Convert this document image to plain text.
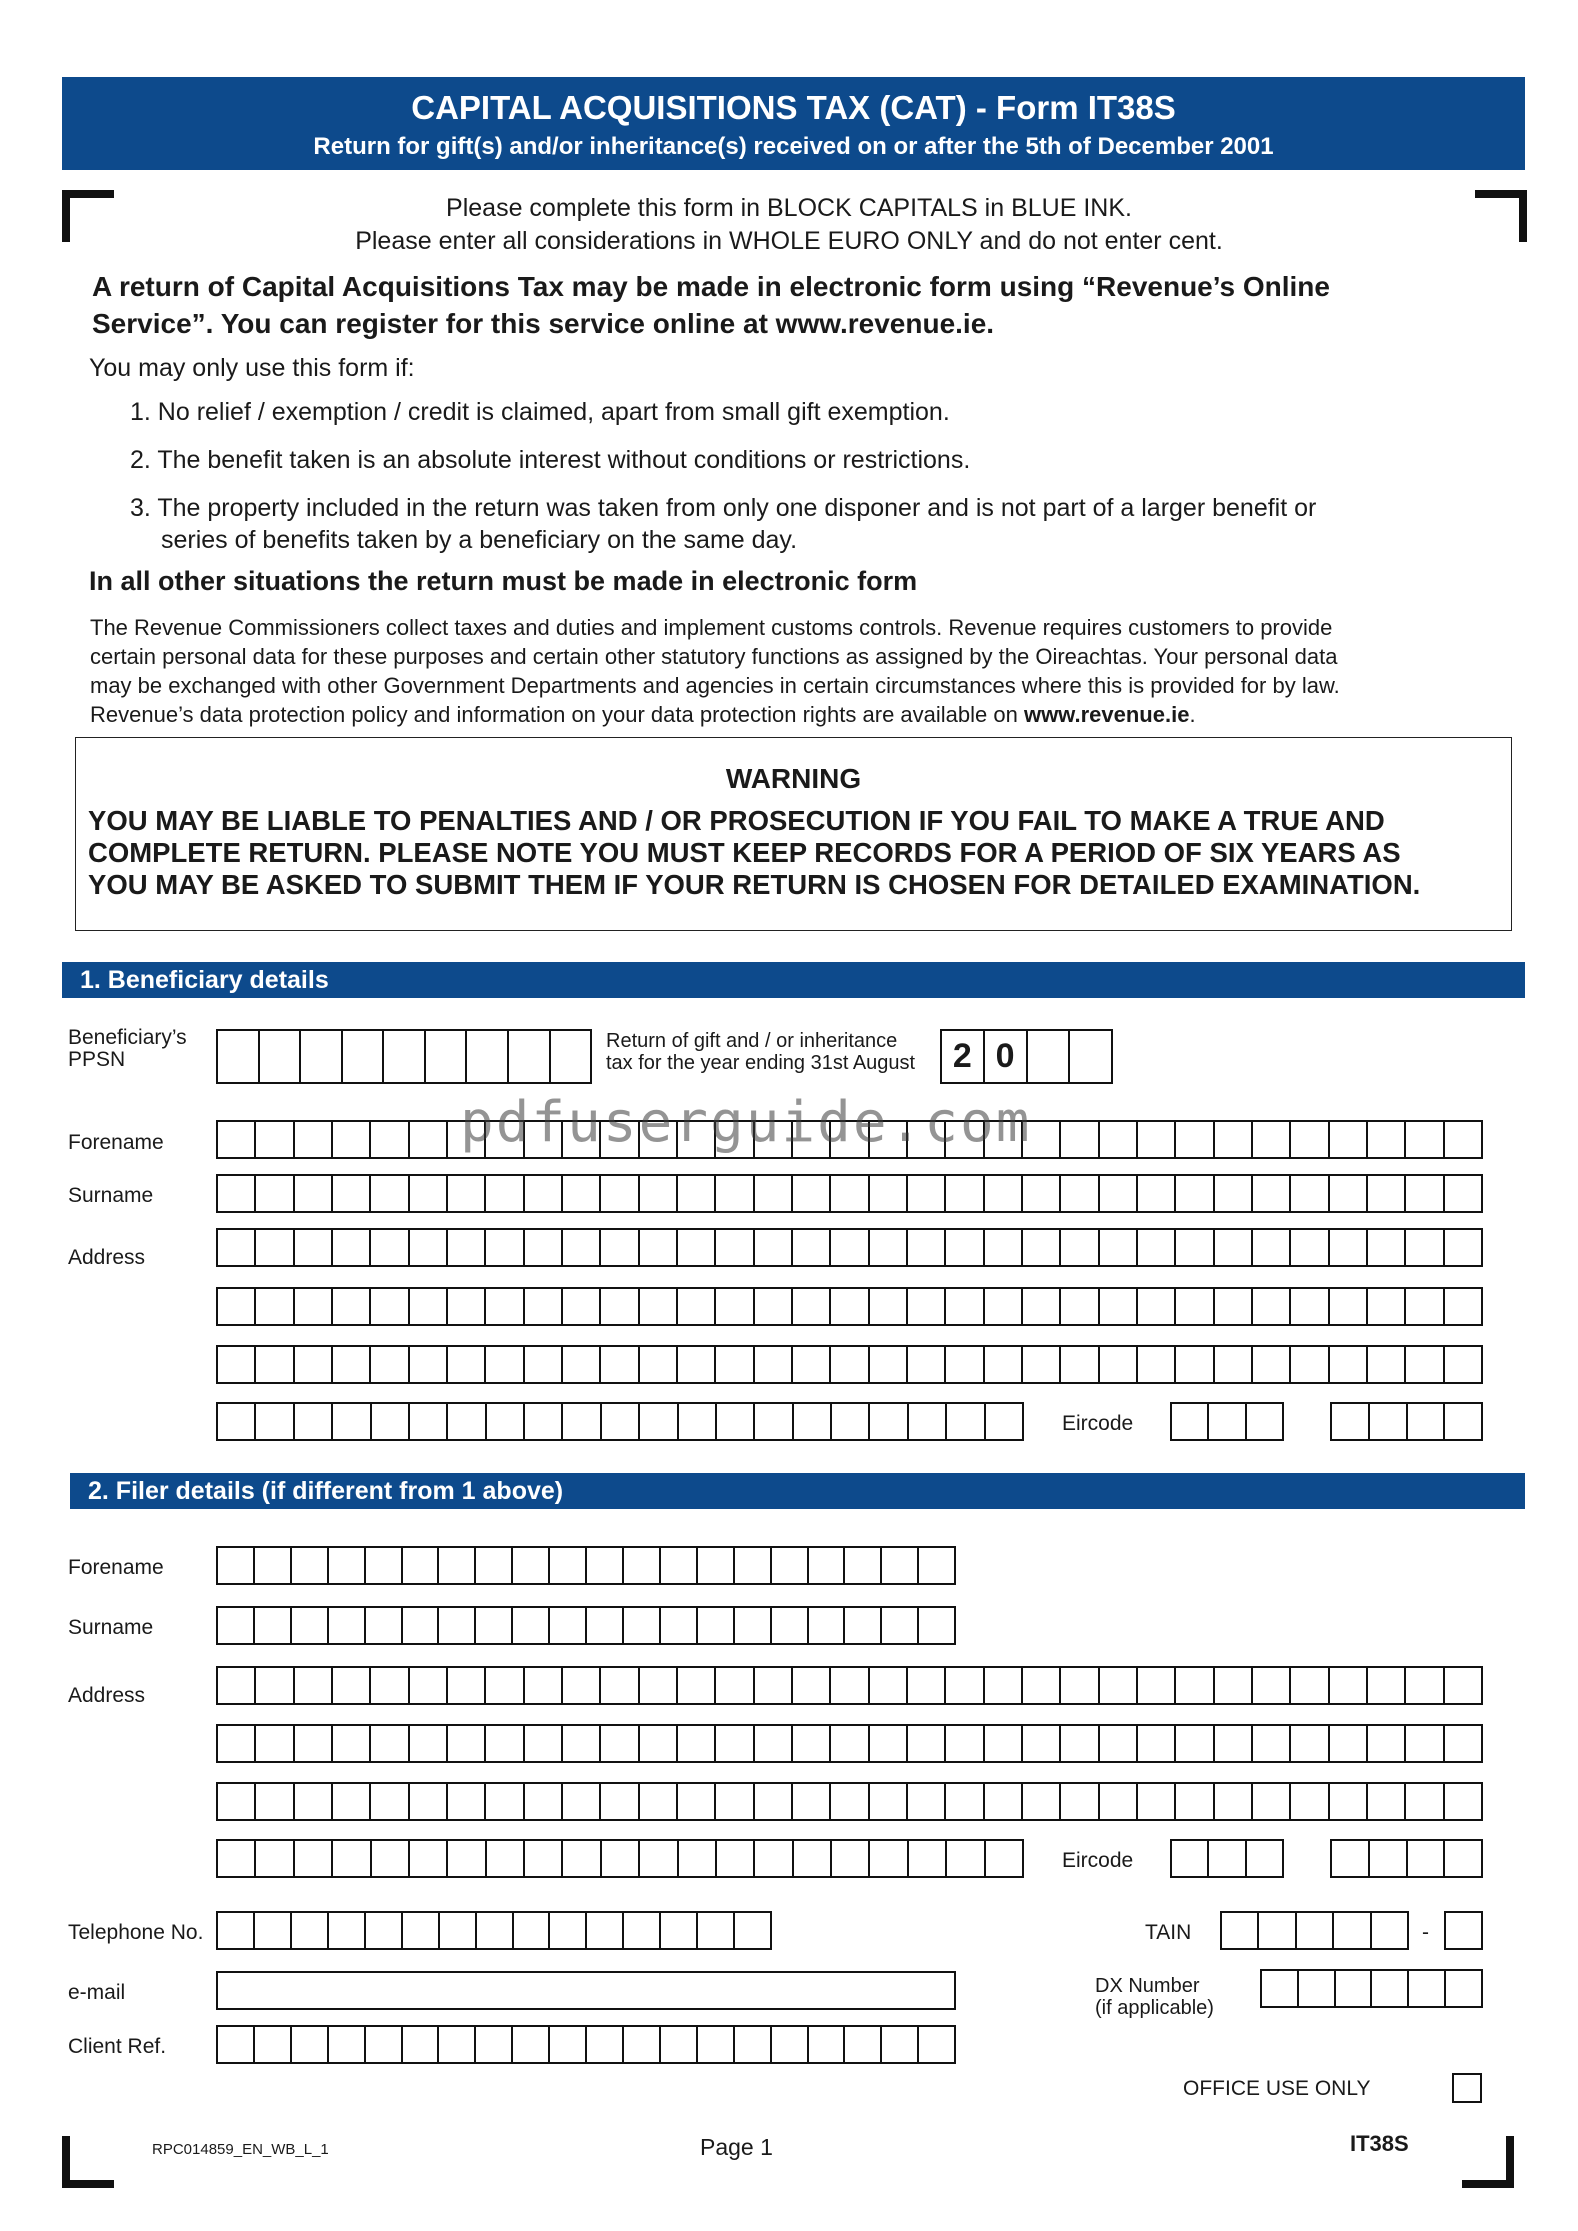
CAPITAL ACQUISITIONS TAX (CAT) - Form IT38S
Return for gift(s) and/or inheritance(s) received on or after the 5th of December 2001
Please complete this form in BLOCK CAPITALS in BLUE INK.
Please enter all considerations in WHOLE EURO ONLY and do not enter cent.
A return of Capital Acquisitions Tax may be made in electronic form using “Revenue’s Online
Service”. You can register for this service online at www.revenue.ie.
You may only use this form if:
1. No relief / exemption / credit is claimed, apart from small gift exemption.
2. The benefit taken is an absolute interest without conditions or restrictions.
3. The property included in the return was taken from only one disponer and is not part of a larger benefit or
series of benefits taken by a beneficiary on the same day.
In all other situations the return must be made in electronic form
The Revenue Commissioners collect taxes and duties and implement customs controls. Revenue requires customers to provide
certain personal data for these purposes and certain other statutory functions as assigned by the Oireachtas. Your personal data
may be exchanged with other Government Departments and agencies in certain circumstances where this is provided for by law.
Revenue’s data protection policy and information on your data protection rights are available on www.revenue.ie.
WARNING
YOU MAY BE LIABLE TO PENALTIES AND / OR PROSECUTION IF YOU FAIL TO MAKE A TRUE AND
COMPLETE RETURN. PLEASE NOTE YOU MUST KEEP RECORDS FOR A PERIOD OF SIX YEARS AS
YOU MAY BE ASKED TO SUBMIT THEM IF YOUR RETURN IS CHOSEN FOR DETAILED EXAMINATION.
1. Beneficiary details
Beneficiary’s
PPSN
Return of gift and / or inheritance
tax for the year ending 31st August	2 0
Forename
Surname
Address
Eircode
pdfuserguide.com
2. Filer details (if different from 1 above)
Forename
Surname
Address
Eircode
Telephone No.	TAIN	-
e-mail	DX Number
(if applicable)
Client Ref.
OFFICE USE ONLY
RPC014859_EN_WB_L_1	Page 1	IT38S
